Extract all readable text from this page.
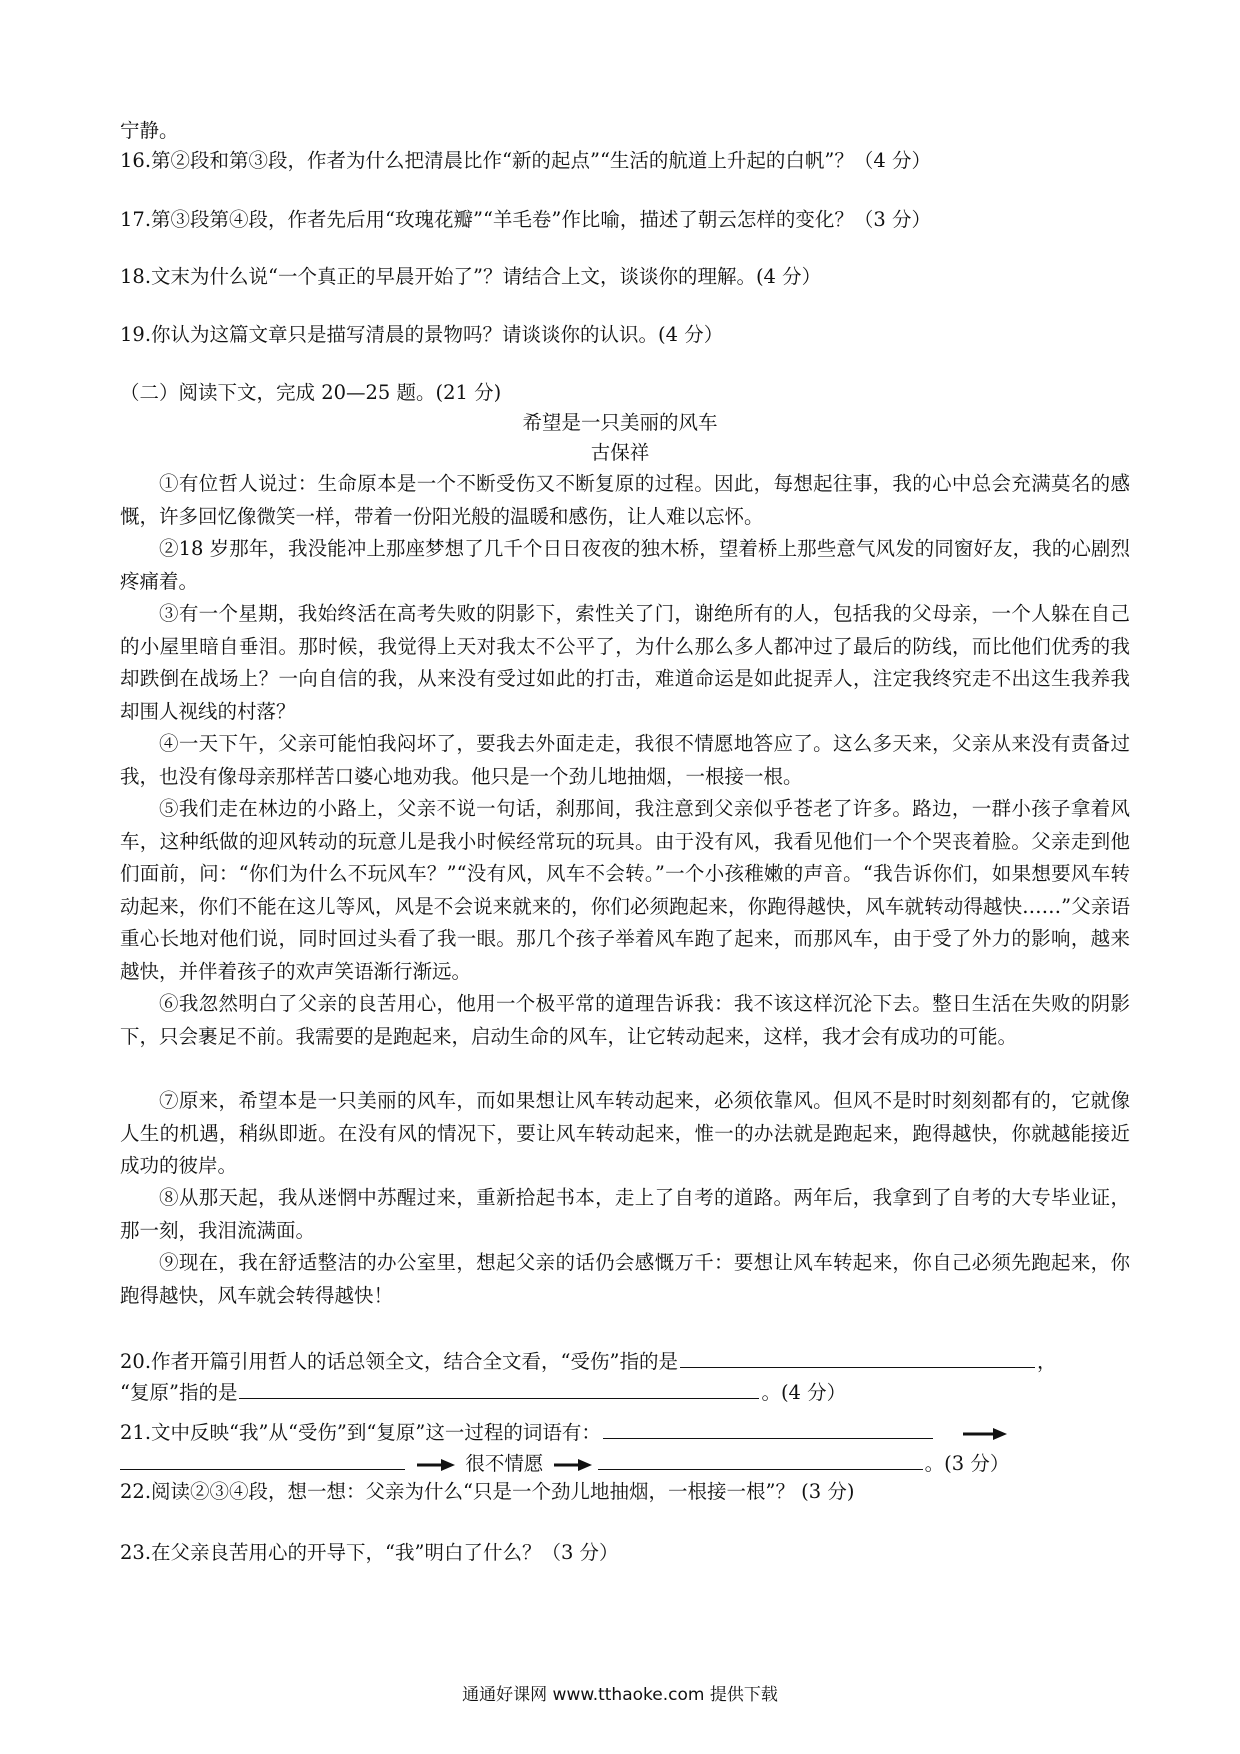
宁静。
16.第②段和第③段，作者为什么把清晨比作“新的起点”“生活的航道上升起的白帆”？（4 分）
17.第③段第④段，作者先后用“玫瑰花瓣”“羊毛卷”作比喻，描述了朝云怎样的变化？（3 分）
18.文末为什么说“一个真正的早晨开始了”？请结合上文，谈谈你的理解。(4 分）
19.你认为这篇文章只是描写清晨的景物吗？请谈谈你的认识。(4 分）
（二）阅读下文，完成 20—25 题。(21 分)
希望是一只美丽的风车
古保祥
①有位哲人说过：生命原本是一个不断受伤又不断复原的过程。因此，每想起往事，我的心中总会充满莫名的感慨，许多回忆像微笑一样，带着一份阳光般的温暖和感伤，让人难以忘怀。
②18 岁那年，我没能冲上那座梦想了几千个日日夜夜的独木桥，望着桥上那些意气风发的同窗好友，我的心剧烈疼痛着。
③有一个星期，我始终活在高考失败的阴影下，索性关了门，谢绝所有的人，包括我的父母亲，一个人躲在自己的小屋里暗自垂泪。那时候，我觉得上天对我太不公平了，为什么那么多人都冲过了最后的防线，而比他们优秀的我却跌倒在战场上？一向自信的我，从来没有受过如此的打击，难道命运是如此捉弄人，注定我终究走不出这生我养我却围人视线的村落？
④一天下午，父亲可能怕我闷坏了，要我去外面走走，我很不情愿地答应了。这么多天来，父亲从来没有责备过我，也没有像母亲那样苦口婆心地劝我。他只是一个劲儿地抽烟，一根接一根。
⑤我们走在林边的小路上，父亲不说一句话，刹那间，我注意到父亲似乎苍老了许多。路边，一群小孩子拿着风车，这种纸做的迎风转动的玩意儿是我小时候经常玩的玩具。由于没有风，我看见他们一个个哭丧着脸。父亲走到他们面前，问：“你们为什么不玩风车？”“没有风，风车不会转。”一个小孩稚嫩的声音。“我告诉你们，如果想要风车转动起来，你们不能在这儿等风，风是不会说来就来的，你们必须跑起来，你跑得越快，风车就转动得越快……”父亲语重心长地对他们说，同时回过头看了我一眼。那几个孩子举着风车跑了起来，而那风车，由于受了外力的影响，越来越快，并伴着孩子的欢声笑语渐行渐远。
⑥我忽然明白了父亲的良苦用心，他用一个极平常的道理告诉我：我不该这样沉沦下去。整日生活在失败的阴影下，只会裹足不前。我需要的是跑起来，启动生命的风车，让它转动起来，这样，我才会有成功的可能。
⑦原来，希望本是一只美丽的风车，而如果想让风车转动起来，必须依靠风。但风不是时时刻刻都有的，它就像人生的机遇，稍纵即逝。在没有风的情况下，要让风车转动起来，惟一的办法就是跑起来，跑得越快，你就越能接近成功的彼岸。
⑧从那天起，我从迷惘中苏醒过来，重新拾起书本，走上了自考的道路。两年后，我拿到了自考的大专毕业证，那一刻，我泪流满面。
⑨现在，我在舒适整洁的办公室里，想起父亲的话仍会感慨万千：要想让风车转起来，你自己必须先跑起来，你跑得越快，风车就会转得越快！
20.作者开篇引用哲人的话总领全文，结合全文看，“受伤”指的是	，
“复原”指的是	。(4 分）
21.文中反映“我”从“受伤”到“复原”这一过程的词语有：
很不情愿	。(3 分）
22.阅读②③④段，想一想：父亲为什么“只是一个劲儿地抽烟，一根接一根”？ (3 分)
23.在父亲良苦用心的开导下，“我”明白了什么？（3 分）
通通好课网 www.tthaoke.com 提供下载
